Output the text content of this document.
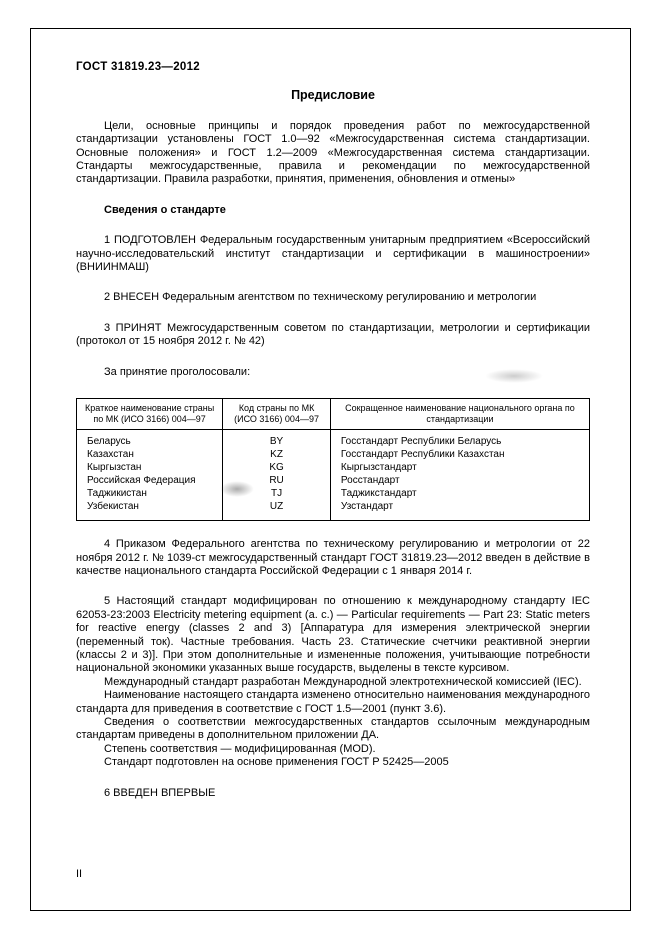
ГОСТ 31819.23—2012
Предисловие

Цели, основные принципы и порядок проведения работ по межгосударственной стандартизации установлены ГОСТ 1.0—92 «Межгосударственная система стандартизации. Основные положения» и ГОСТ 1.2—2009 «Межгосударственная система стандартизации. Стандарты межгосударственные, правила и рекомендации по межгосударственной стандартизации. Правила разработки, принятия, применения, обновления и отмены»

Сведения о стандарте

1 ПОДГОТОВЛЕН Федеральным государственным унитарным предприятием «Всероссийский научно-исследовательский институт стандартизации и сертификации в машиностроении» (ВНИИНМАШ)

2 ВНЕСЕН Федеральным агентством по техническому регулированию и метрологии

3 ПРИНЯТ Межгосударственным советом по стандартизации, метрологии и сертификации (протокол от 15 ноября 2012 г. № 42)

За принятие проголосовали:

Краткое наименование страны по МК (ИСО 3166) 004—97	Код страны по МК (ИСО 3166) 004—97	Сокращенное наименование национального органа по стандартизации
Беларусь	BY	Госстандарт Республики Беларусь
Казахстан	KZ	Госстандарт Республики Казахстан
Кыргызстан	KG	Кыргызстандарт
Российская Федерация	RU	Росстандарт
Таджикистан	TJ	Таджикстандарт
Узбекистан	UZ	Узстандарт

4 Приказом Федерального агентства по техническому регулированию и метрологии от 22 ноября 2012 г. № 1039-ст межгосударственный стандарт ГОСТ 31819.23—2012 введен в действие в качестве национального стандарта Российской Федерации с 1 января 2014 г.

5 Настоящий стандарт модифицирован по отношению к международному стандарту IEC 62053-23:2003 Electricity metering equipment (a. c.) — Particular requirements — Part 23: Static meters for reactive energy (classes 2 and 3) [Аппаратура для измерения электрической энергии (переменный ток). Частные требования. Часть 23. Статические счетчики реактивной энергии (классы 2 и 3)]. При этом дополнительные и измененные положения, учитывающие потребности национальной экономики указанных выше государств, выделены в тексте курсивом.

Международный стандарт разработан Международной электротехнической комиссией (IEC).

Наименование настоящего стандарта изменено относительно наименования международного стандарта для приведения в соответствие с ГОСТ 1.5—2001 (пункт 3.6).

Сведения о соответствии межгосударственных стандартов ссылочным международным стандартам приведены в дополнительном приложении ДА.

Степень соответствия — модифицированная (MOD).

Стандарт подготовлен на основе применения ГОСТ Р 52425—2005

6 ВВЕДЕН ВПЕРВЫЕ

II
